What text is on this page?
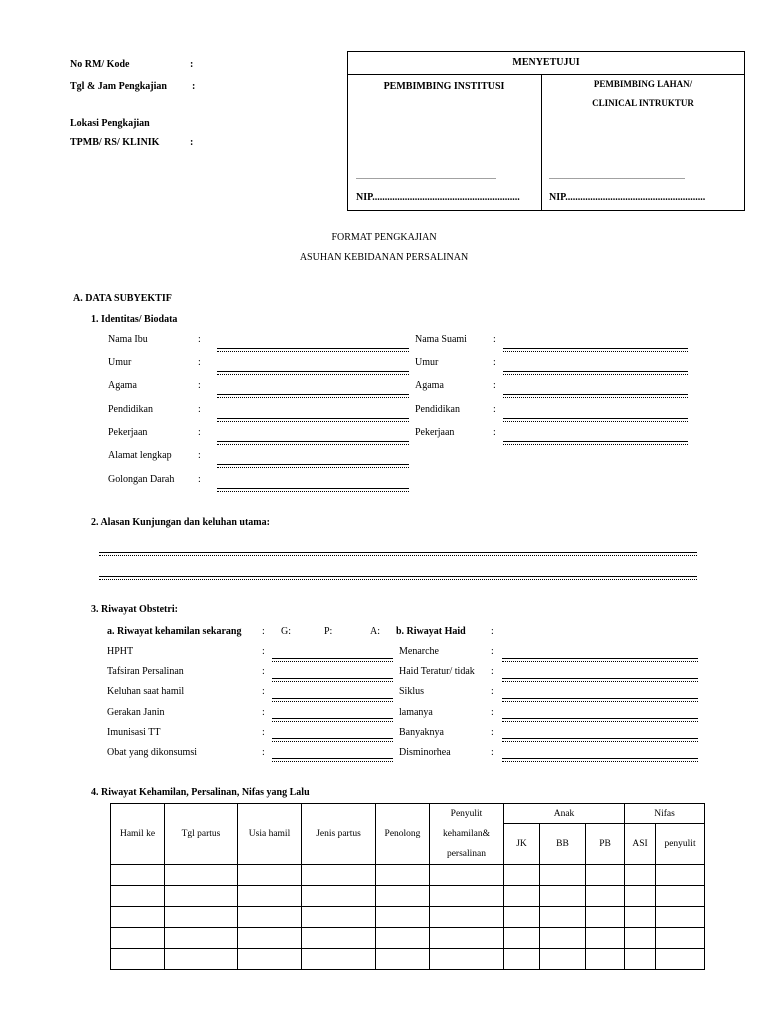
No RM/ Kode	:
Tgl & Jam Pengkajian	:
Lokasi Pengkajian
TPMB/ RS/ KLINIK	:
MENYETUJUI
PEMBIMBING INSTITUSI	PEMBIMBING LAHAN/
CLINICAL INTRUKTUR
......................................................................	....................................................................
NIP...........................................................	NIP........................................................
FORMAT PENGKAJIAN
ASUHAN KEBIDANAN PERSALINAN
A. DATA SUBYEKTIF
1. Identitas/ Biodata
Nama Ibu	:
Umur	:
Agama	:
Pendidikan	:
Pekerjaan	:
Alamat lengkap	:
Golongan Darah :
Nama Suami	:
Umur	:
Agama	:
Pendidikan	:
Pekerjaan	:
2. Alasan Kunjungan dan keluhan utama:
3. Riwayat Obstetri:
a. Riwayat kehamilan sekarang : G:	P:	A: b. Riwayat Haid	:
HPHT	:
Tafsiran Persalinan	:
Keluhan saat hamil	:
Gerakan Janin	:
Imunisasi TT	:
Obat yang dikonsumsi	:
Menarche	:
Haid Teratur/ tidak :
Siklus	:
lamanya	:
Banyaknya	:
Disminorhea	:
4. Riwayat Kehamilan, Persalinan, Nifas yang Lalu
Hamil ke	Tgl partus	Usia hamil	Jenis partus	Penolong	Penyulit
kehamilan&
persalinan	Anak			Nifas	
						JK	BB	PB	ASI	penyulit
